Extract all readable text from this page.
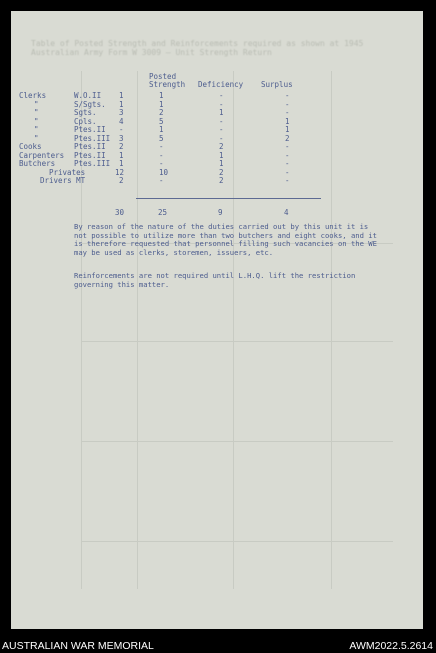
Table of Posted Strength and Reinforcements required as shown at 1945
Australian Army Form W 3009 — Unit Strength Return
Posted
Strength Deficiency Surplus
Clerks	W.O.II 1	1	-	-
"	S/Sgts. 1	1	-	-
"	Sgts.	3	2	1	-
"	Cpls.	4	5	-	1
"	Ptes.II -	1	-	1
"	Ptes.III 3	5	-	2
Cooks	Ptes.II 2	-	2	-
Carpenters Ptes.II 1	-	1	-
Butchers	Ptes.III 1	-	1	-
Privates	12	10	2	-
Drivers MT	2	-	2	-
30	25	9	4

By reason of the nature of the duties carried out by this unit it is not possible to utilize more than two butchers and eight cooks, and it is therefore requested that personnel filling such vacancies on the WE may be used as clerks, storemen, issuers, etc.

Reinforcements are not required until L.H.Q. lift the restriction governing this matter.

AUSTRALIAN WAR MEMORIAL	AWM2022.5.2614
